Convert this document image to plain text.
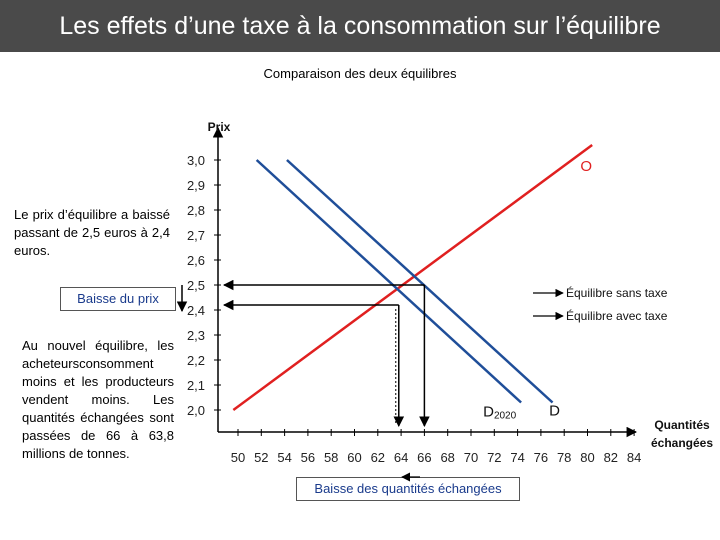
Les effets d’une taxe à la consommation sur l’équilibre
Comparaison des deux équilibres
Le prix d’équilibre a baissé passant de 2,5 euros à 2,4 euros.
Baisse du prix
Au nouvel équilibre, les acheteursconsomment moins et les producteurs vendent moins. Les quantités échangées sont passées de 66 à 63,8 millions de tonnes.
Baisse des quantités échangées
2,0
2,1
2,2
2,3
2,4
2,5
2,6
2,7
2,8
2,9
3,0
50 52 54 56 58 60 62 64 66 68 70 72 74 76 78 80 82 84
Prix
Quantités
échangées
O
D
D2020
Équilibre sans taxe
Équilibre avec taxe
